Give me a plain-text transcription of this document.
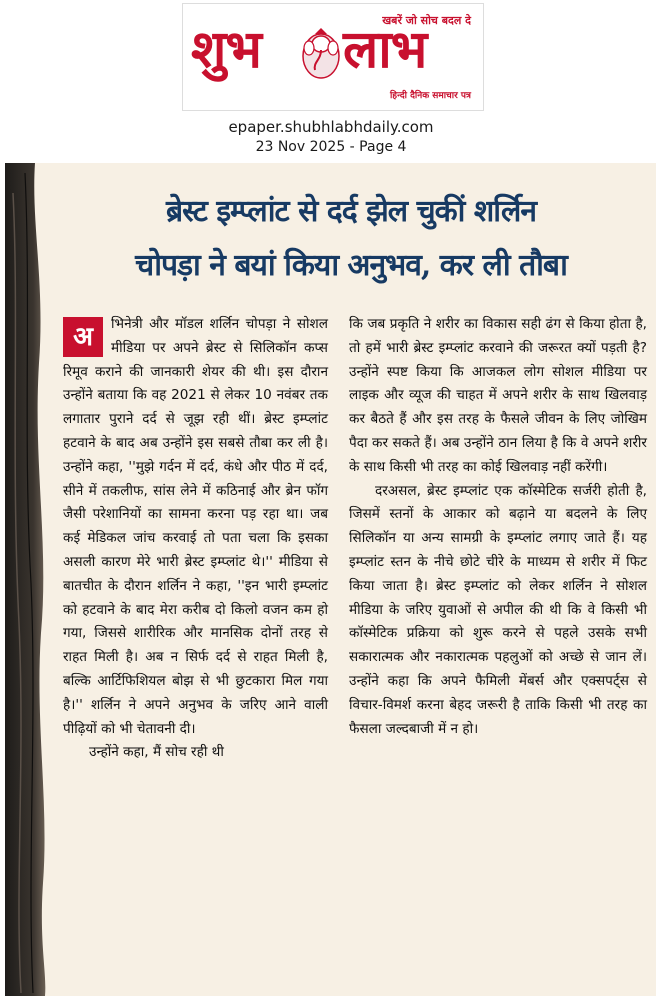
खबरें जो सोच बदल दे
शुभ लाभ
हिन्दी दैनिक समाचार पत्र
epaper.shubhlabhdaily.com
23 Nov 2025 - Page 4
ब्रेस्ट इम्प्लांट से दर्द झेल चुकीं शर्लिन
चोपड़ा ने बयां किया अनुभव, कर ली तौबा

अ	भिनेत्री और मॉडल शर्लिन चोपड़ा ने सोशल मीडिया पर अपने ब्रेस्ट से सिलिकॉन कप्स रिमूव कराने की जानकारी शेयर की थी। इस दौरान उन्होंने बताया कि वह 2021 से लेकर 10 नवंबर तक लगातार पुराने दर्द से जूझ रही थीं। ब्रेस्ट इम्प्लांट हटवाने के बाद अब उन्होंने इस सबसे तौबा कर ली है। उन्होंने कहा, ''मुझे गर्दन में दर्द, कंधे और पीठ में दर्द, सीने में तकलीफ, सांस लेने में कठिनाई और ब्रेन फॉग जैसी परेशानियों का सामना करना पड़ रहा था। जब कई मेडिकल जांच करवाई तो पता चला कि इसका असली कारण मेरे भारी ब्रेस्ट इम्प्लांट थे।'' मीडिया से बातचीत के दौरान शर्लिन ने कहा, ''इन भारी इम्प्लांट को हटवाने के बाद मेरा करीब दो किलो वजन कम हो गया, जिससे शारीरिक और मानसिक दोनों तरह से राहत मिली है। अब न सिर्फ दर्द से राहत मिली है, बल्कि आर्टिफिशियल बोझ से भी छुटकारा मिल गया है।'' शर्लिन ने अपने अनुभव के जरिए आने वाली पीढ़ियों को भी चेतावनी दी।

उन्होंने कहा, मैं सोच रही थी

कि जब प्रकृति ने शरीर का विकास सही ढंग से किया होता है, तो हमें भारी ब्रेस्ट इम्प्लांट करवाने की जरूरत क्यों पड़ती है? उन्होंने स्पष्ट किया कि आजकल लोग सोशल मीडिया पर लाइक और व्यूज की चाहत में अपने शरीर के साथ खिलवाड़ कर बैठते हैं और इस तरह के फैसले जीवन के लिए जोखिम पैदा कर सकते हैं। अब उन्होंने ठान लिया है कि वे अपने शरीर के साथ किसी भी तरह का कोई खिलवाड़ नहीं करेंगी।

दरअसल, ब्रेस्ट इम्प्लांट एक कॉस्मेटिक सर्जरी होती है, जिसमें स्तनों के आकार को बढ़ाने या बदलने के लिए सिलिकॉन या अन्य सामग्री के इम्प्लांट लगाए जाते हैं। यह इम्प्लांट स्तन के नीचे छोटे चीरे के माध्यम से शरीर में फिट किया जाता है। ब्रेस्ट इम्प्लांट को लेकर शर्लिन ने सोशल मीडिया के जरिए युवाओं से अपील की थी कि वे किसी भी कॉस्मेटिक प्रक्रिया को शुरू करने से पहले उसके सभी सकारात्मक और नकारात्मक पहलुओं को अच्छे से जान लें। उन्होंने कहा कि अपने फैमिली मेंबर्स और एक्सपर्ट्स से विचार-विमर्श करना बेहद जरूरी है ताकि किसी भी तरह का फैसला जल्दबाजी में न हो।
